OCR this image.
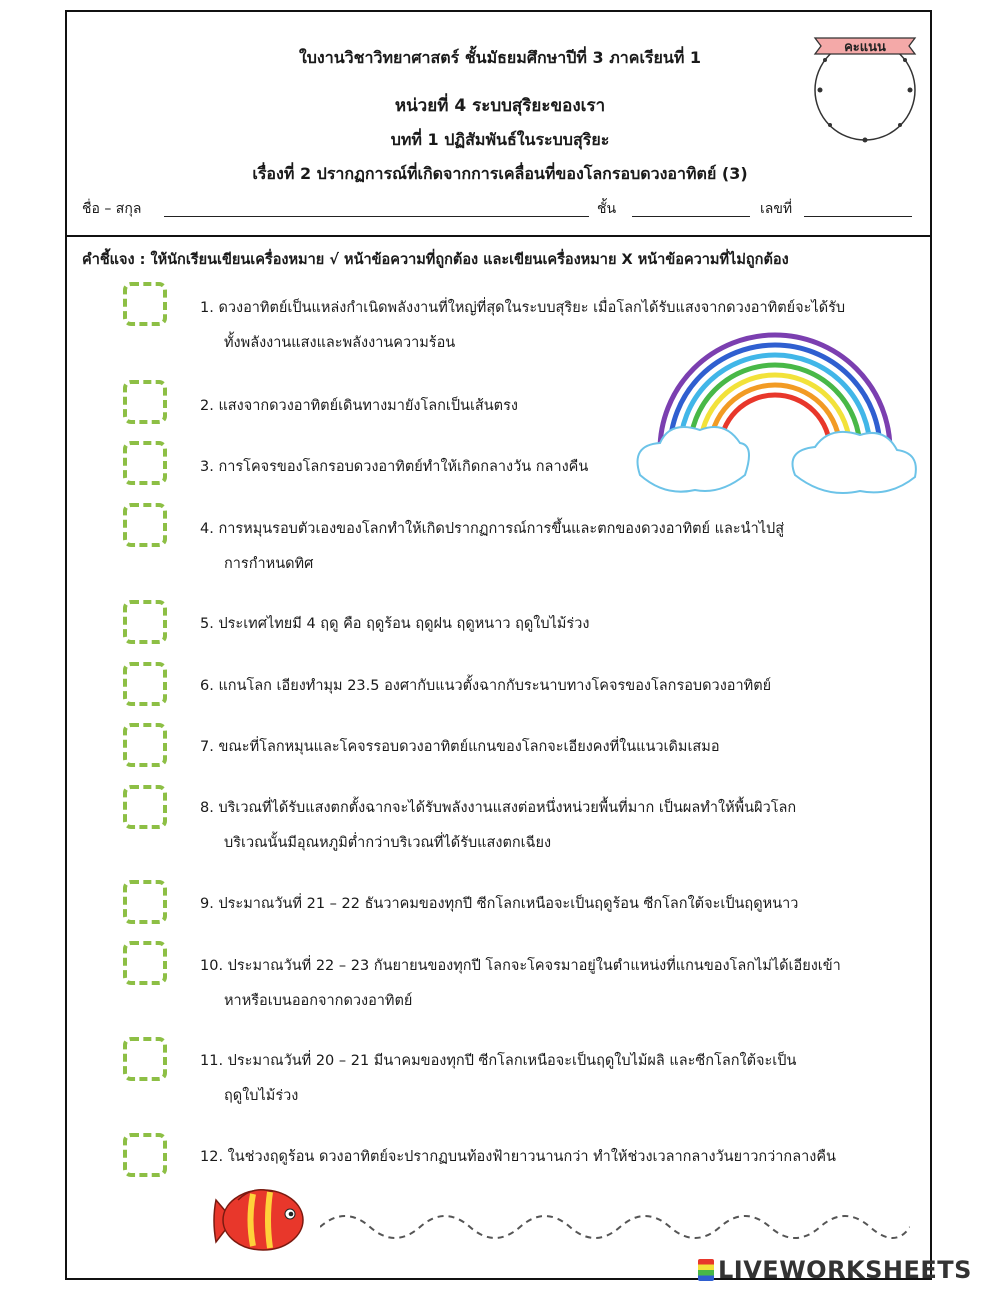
ใบงานวิชาวิทยาศาสตร์ ชั้นมัธยมศึกษาปีที่ 3 ภาคเรียนที่ 1
หน่วยที่ 4 ระบบสุริยะของเรา
บทที่ 1 ปฏิสัมพันธ์ในระบบสุริยะ
เรื่องที่ 2 ปรากฏการณ์ที่เกิดจากการเคลื่อนที่ของโลกรอบดวงอาทิตย์ (3)
คะแนน
ชื่อ – สกุล	ชั้น	เลขที่
คำชี้แจง : ให้นักเรียนเขียนเครื่องหมาย √ หน้าข้อความที่ถูกต้อง และเขียนเครื่องหมาย X หน้าข้อความที่ไม่ถูกต้อง
1. ดวงอาทิตย์เป็นแหล่งกำเนิดพลังงานที่ใหญ่ที่สุดในระบบสุริยะ เมื่อโลกได้รับแสงจากดวงอาทิตย์จะได้รับ
ทั้งพลังงานแสงและพลังงานความร้อน
2. แสงจากดวงอาทิตย์เดินทางมายังโลกเป็นเส้นตรง
3. การโคจรของโลกรอบดวงอาทิตย์ทำให้เกิดกลางวัน กลางคืน
4. การหมุนรอบตัวเองของโลกทำให้เกิดปรากฏการณ์การขึ้นและตกของดวงอาทิตย์ และนำไปสู่
การกำหนดทิศ
5. ประเทศไทยมี 4 ฤดู คือ ฤดูร้อน ฤดูฝน ฤดูหนาว ฤดูใบไม้ร่วง
6. แกนโลก เอียงทำมุม 23.5 องศากับแนวตั้งฉากกับระนาบทางโคจรของโลกรอบดวงอาทิตย์
7. ขณะที่โลกหมุนและโคจรรอบดวงอาทิตย์แกนของโลกจะเอียงคงที่ในแนวเดิมเสมอ
8. บริเวณที่ได้รับแสงตกตั้งฉากจะได้รับพลังงานแสงต่อหนึ่งหน่วยพื้นที่มาก เป็นผลทำให้พื้นผิวโลก
บริเวณนั้นมีอุณหภูมิต่ำกว่าบริเวณที่ได้รับแสงตกเฉียง
9. ประมาณวันที่ 21 – 22 ธันวาคมของทุกปี ซีกโลกเหนือจะเป็นฤดูร้อน ซีกโลกใต้จะเป็นฤดูหนาว
10. ประมาณวันที่ 22 – 23 กันยายนของทุกปี โลกจะโคจรมาอยู่ในตำแหน่งที่แกนของโลกไม่ได้เอียงเข้า
หาหรือเบนออกจากดวงอาทิตย์
11. ประมาณวันที่ 20 – 21 มีนาคมของทุกปี ซีกโลกเหนือจะเป็นฤดูใบไม้ผลิ และซีกโลกใต้จะเป็น
ฤดูใบไม้ร่วง
12. ในช่วงฤดูร้อน ดวงอาทิตย์จะปรากฏบนท้องฟ้ายาวนานกว่า ทำให้ช่วงเวลากลางวันยาวกว่ากลางคืน
LIVEWORKSHEETS
